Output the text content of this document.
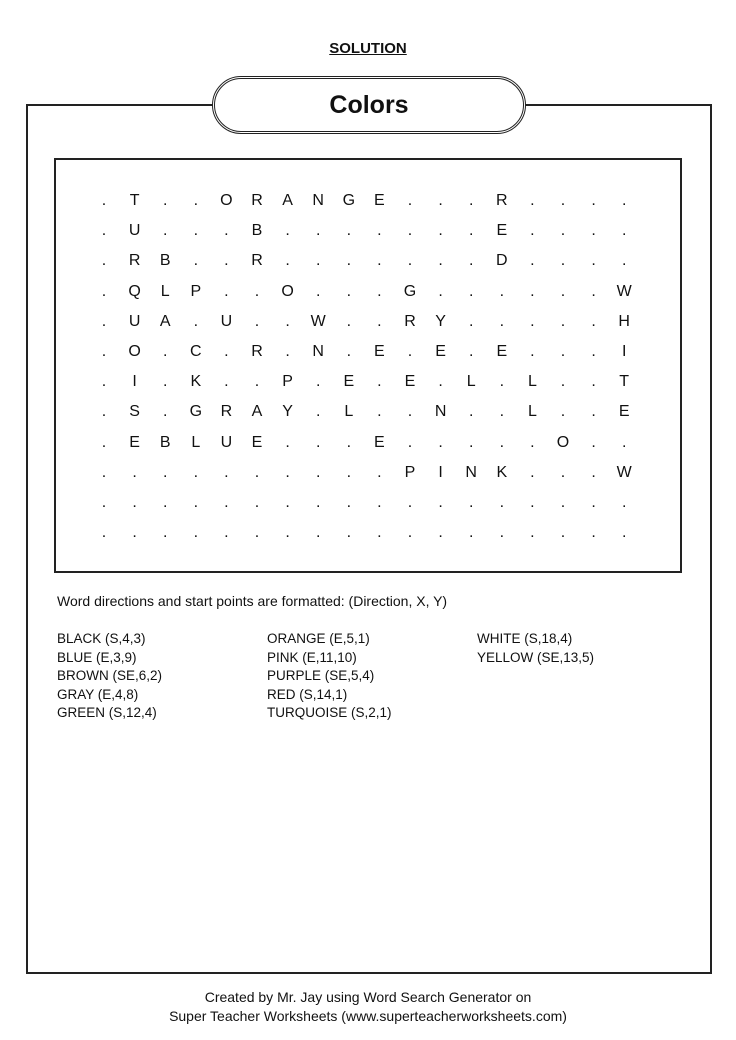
SOLUTION
Colors
.	T	.	.	O	R	A	N	G	E	.	.	.	R	.	.	.	.
.	U	.	.	.	B	.	.	.	.	.	.	.	E	.	.	.	.
.	R	B	.	.	R	.	.	.	.	.	.	.	D	.	.	.	.
.	Q	L	P	.	.	O	.	.	.	G	.	.	.	.	.	.	W
.	U	A	.	U	.	.	W	.	.	R	Y	.	.	.	.	.	H
.	O	.	C	.	R	.	N	.	E	.	E	.	E	.	.	.	I
.	I	.	K	.	.	P	.	E	.	E	.	L	.	L	.	.	T
.	S	.	G	R	A	Y	.	L	.	.	N	.	.	L	.	.	E
.	E	B	L	U	E	.	.	.	E	.	.	.	.	.	O	.	.
.	.	.	.	.	.	.	.	.	.	P	I	N	K	.	.	.	W
.	.	.	.	.	.	.	.	.	.	.	.	.	.	.	.	.	.
.	.	.	.	.	.	.	.	.	.	.	.	.	.	.	.	.	.
Word directions and start points are formatted: (Direction, X, Y)
BLACK (S,4,3)
BLUE (E,3,9)
BROWN (SE,6,2)
GRAY (E,4,8)
GREEN (S,12,4)
ORANGE (E,5,1)
PINK (E,11,10)
PURPLE (SE,5,4)
RED (S,14,1)
TURQUOISE (S,2,1)
WHITE (S,18,4)
YELLOW (SE,13,5)
Created by Mr. Jay using Word Search Generator on
Super Teacher Worksheets (www.superteacherworksheets.com)
